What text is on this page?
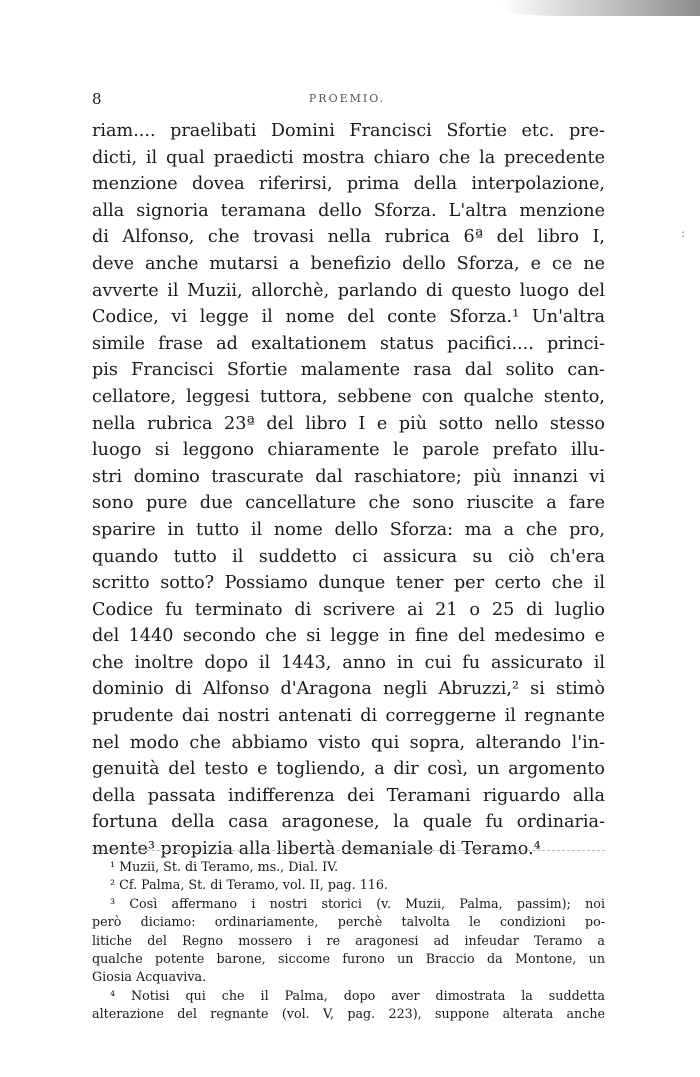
8	PROEMIO.
:
riam.... praelibati Domini Francisci Sfortie etc. pre-
dicti, il qual praedicti mostra chiaro che la precedente
menzione dovea riferirsi, prima della interpolazione,
alla signoria teramana dello Sforza. L'altra menzione
di Alfonso, che trovasi nella rubrica 6ª del libro I,
deve anche mutarsi a benefizio dello Sforza, e ce ne
avverte il Muzii, allorchè, parlando di questo luogo del
Codice, vi legge il nome del conte Sforza.¹ Un'altra
simile frase ad exaltationem status pacifici.... princi-
pis Francisci Sfortie malamente rasa dal solito can-
cellatore, leggesi tuttora, sebbene con qualche stento,
nella rubrica 23ª del libro I e più sotto nello stesso
luogo si leggono chiaramente le parole prefato illu-
stri domino trascurate dal raschiatore; più innanzi vi
sono pure due cancellature che sono riuscite a fare
sparire in tutto il nome dello Sforza: ma a che pro,
quando tutto il suddetto ci assicura su ciò ch'era
scritto sotto? Possiamo dunque tener per certo che il
Codice fu terminato di scrivere ai 21 o 25 di luglio
del 1440 secondo che si legge in fine del medesimo e
che inoltre dopo il 1443, anno in cui fu assicurato il
dominio di Alfonso d'Aragona negli Abruzzi,² si stimò
prudente dai nostri antenati di correggerne il regnante
nel modo che abbiamo visto qui sopra, alterando l'in-
genuità del testo e togliendo, a dir così, un argomento
della passata indifferenza dei Teramani riguardo alla
fortuna della casa aragonese, la quale fu ordinaria-
mente³ propizia alla libertà demaniale di Teramo.⁴
¹ Muzii, St. di Teramo, ms., Dial. IV.
² Cf. Palma, St. di Teramo, vol. II, pag. 116.
³ Così affermano i nostri storici (v. Muzii, Palma, passim); noi
però diciamo: ordinariamente, perchè talvolta le condizioni po-
litiche del Regno mossero i re aragonesi ad infeudar Teramo a
qualche potente barone, siccome furono un Braccio da Montone, un
Giosia Acquaviva.
⁴ Notisi qui che il Palma, dopo aver dimostrata la suddetta
alterazione del regnante (vol. V, pag. 223), suppone alterata anche
